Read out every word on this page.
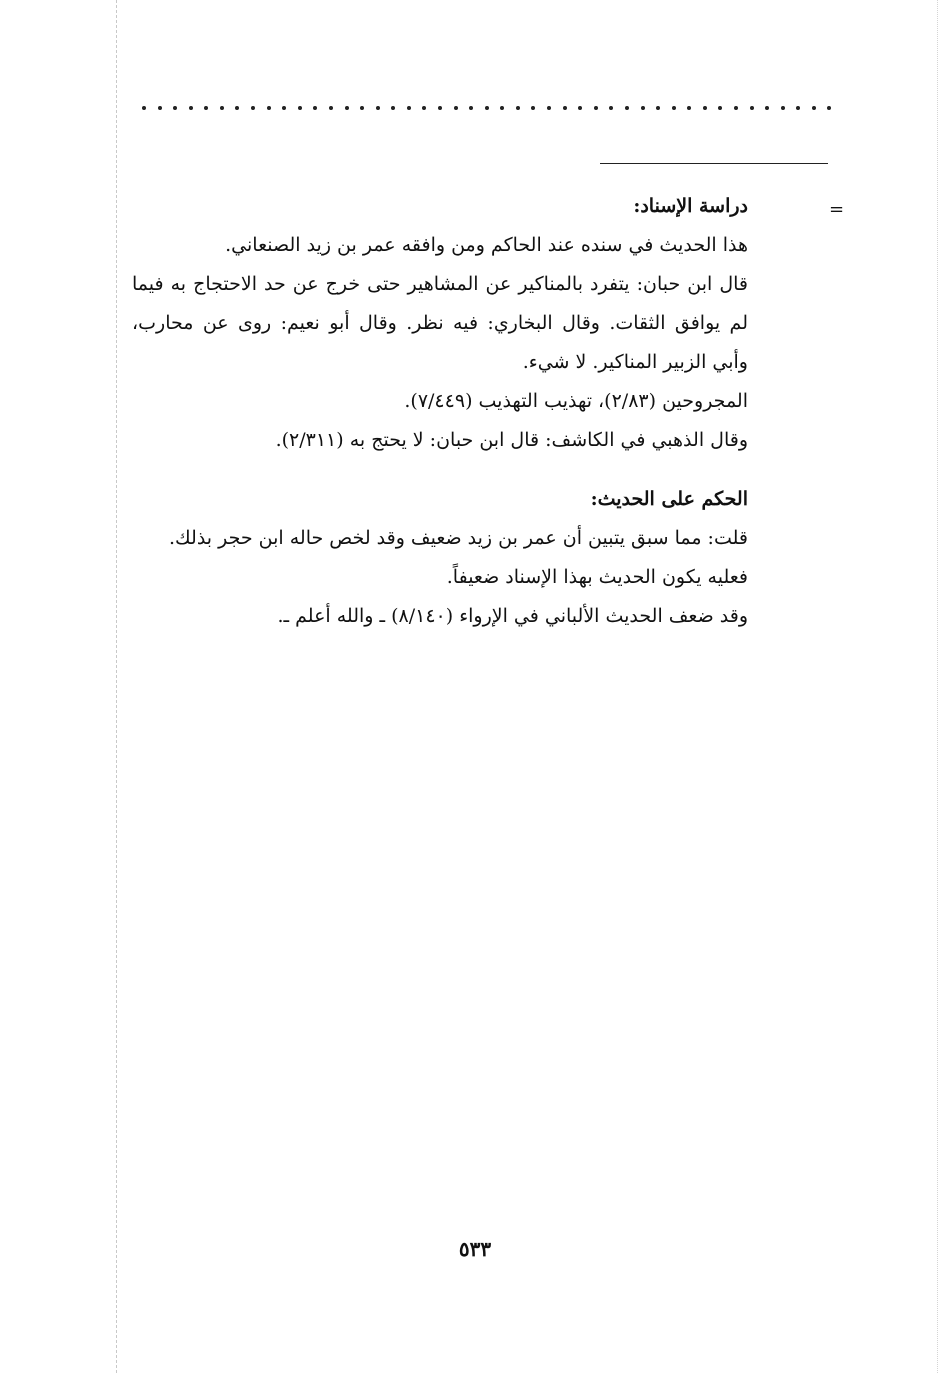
=

دراسة الإسناد:

هذا الحديث في سنده عند الحاكم ومن وافقه عمر بن زيد الصنعاني.

قال ابن حبان: يتفرد بالمناكير عن المشاهير حتى خرج عن حد الاحتجاج به فيما لم يوافق الثقات. وقال البخاري: فيه نظر. وقال أبو نعيم: روى عن محارب، وأبي الزبير المناكير. لا شيء.

المجروحين (٢/٨٣)، تهذيب التهذيب (٧/٤٤٩).

وقال الذهبي في الكاشف: قال ابن حبان: لا يحتج به (٢/٣١١).

الحكم على الحديث:

قلت: مما سبق يتبين أن عمر بن زيد ضعيف وقد لخص حاله ابن حجر بذلك.

فعليه يكون الحديث بهذا الإسناد ضعيفاً.

وقد ضعف الحديث الألباني في الإرواء (٨/١٤٠) ـ والله أعلم ـ.

٥٣٣
